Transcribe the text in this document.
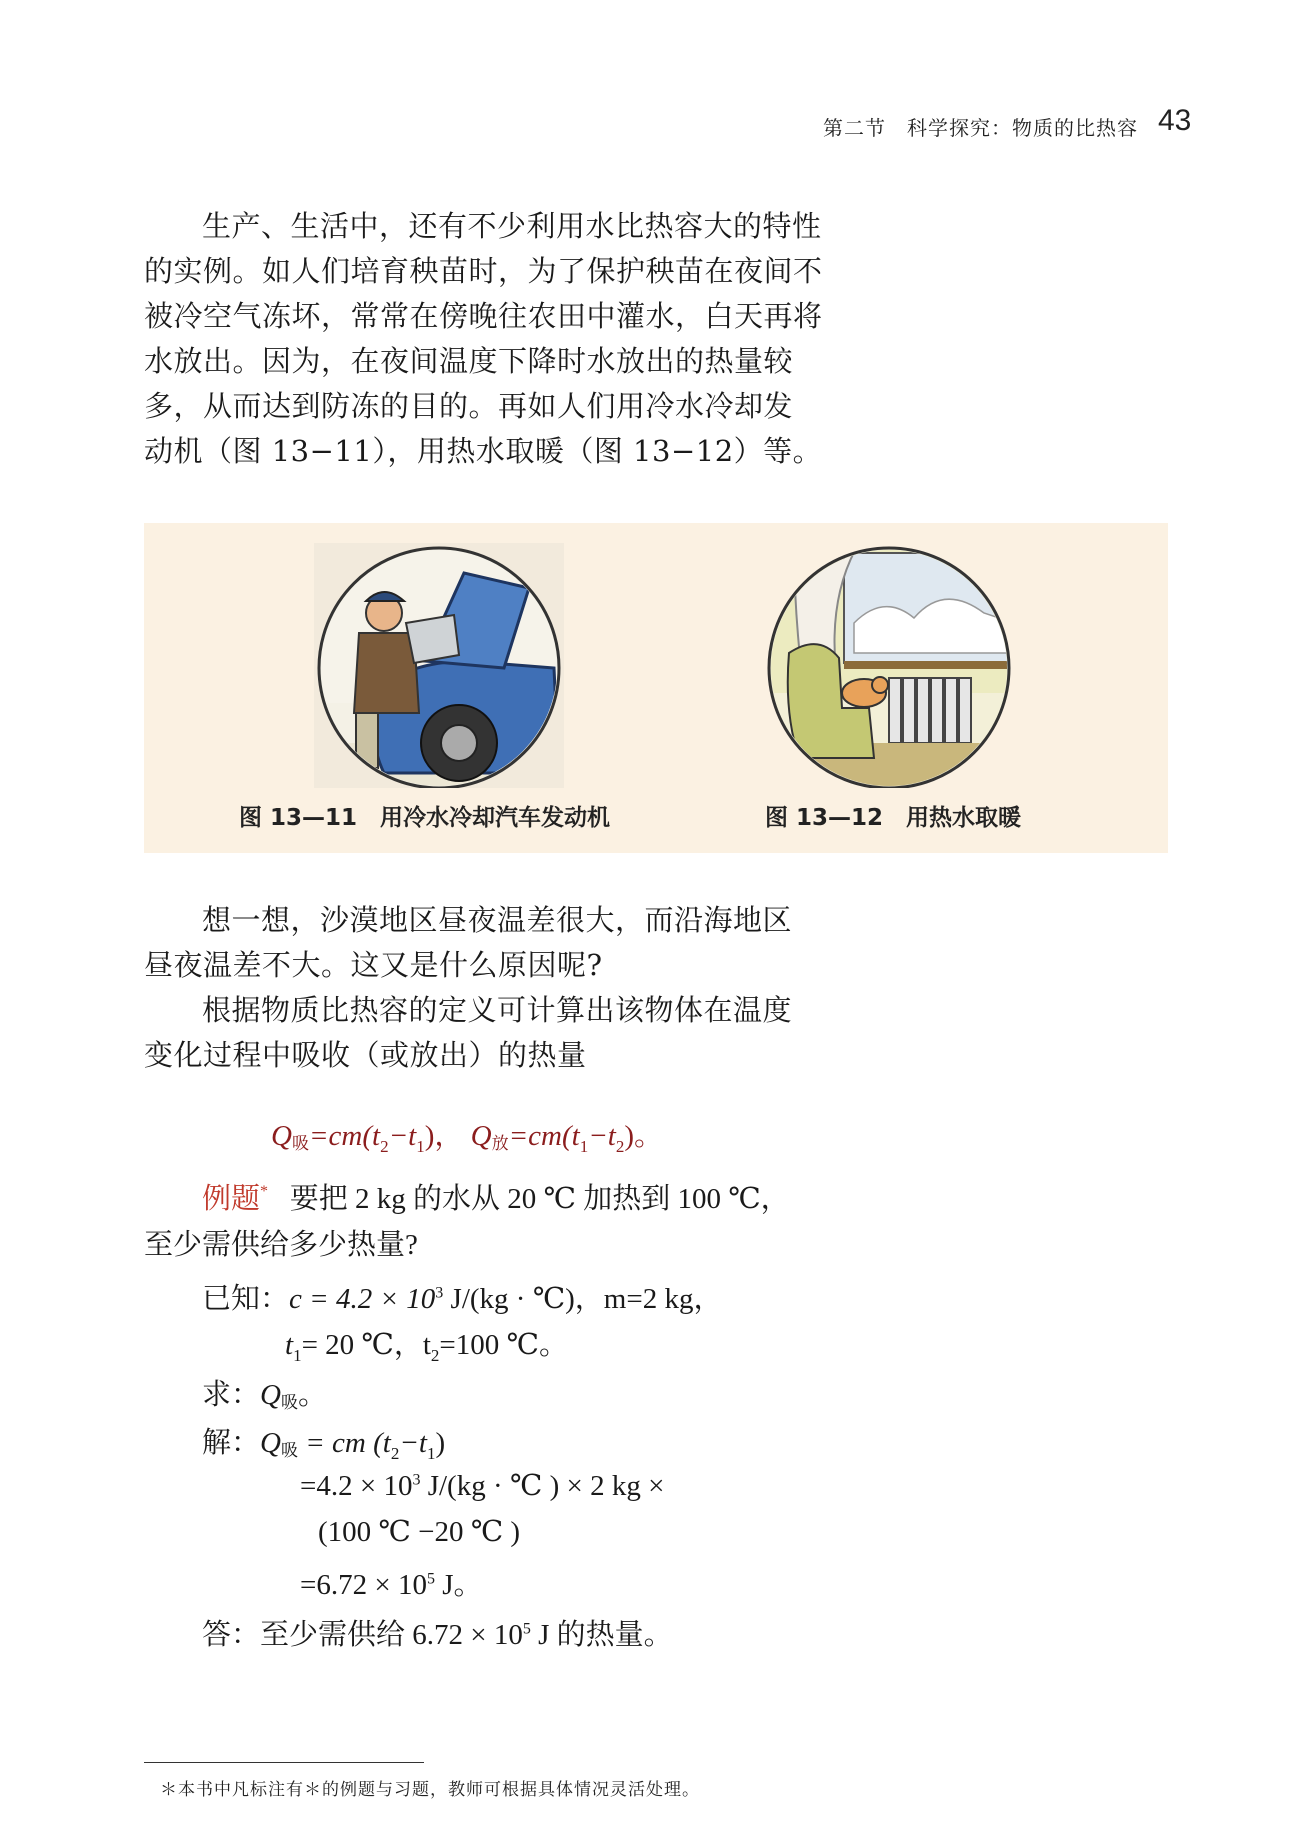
第二节　科学探究：物质的比热容 43
生产、生活中，还有不少利用水比热容大的特性
的实例。如人们培育秧苗时，为了保护秧苗在夜间不
被冷空气冻坏，常常在傍晚往农田中灌水，白天再将
水放出。因为，在夜间温度下降时水放出的热量较
多，从而达到防冻的目的。再如人们用冷水冷却发
动机（图 13−11），用热水取暖（图 13−12）等。
图 13—11　用冷水冷却汽车发动机	图 13—12　用热水取暖
想一想，沙漠地区昼夜温差很大，而沿海地区
昼夜温差不大。这又是什么原因呢?
根据物质比热容的定义可计算出该物体在温度
变化过程中吸收（或放出）的热量
Q吸$=cm(t_2-t_1)$， Q放$=cm(t_1-t_2)$。
例题* 要把 2 kg 的水从 20 ℃ 加热到 100 ℃，
至少需供给多少热量?
已知：$c = 4.2 \times 10^3$ J/(kg · ℃)，m=2 kg，
$t_1= 20$ ℃，$t_2=100$ ℃。
求：Q吸。
解：Q吸 = cm $(t_2-t_1)$
$=4.2 \times 10^3$ J/(kg · ℃ ) × 2 kg ×
(100 ℃ −20 ℃ )
$=6.72 \times 10^5$ J。
答：至少需供给 $6.72 \times 10^5$ J 的热量。
＊本书中凡标注有＊的例题与习题，教师可根据具体情况灵活处理。
